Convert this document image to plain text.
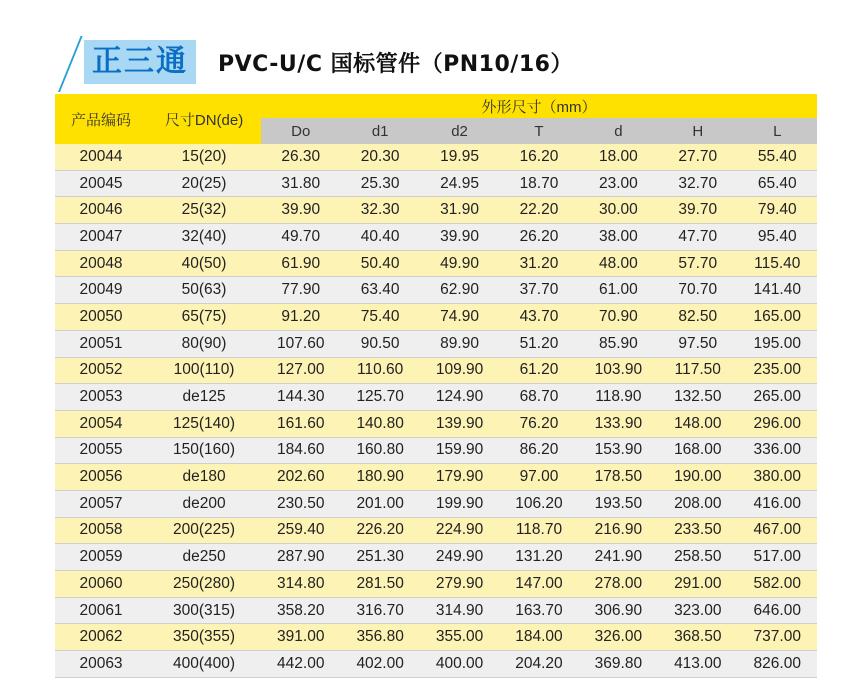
正三通	PVC-U/C 国标管件（PN10/16）
产品编码	尺寸DN(de)	外形尺寸（mm）						
		Do	d1	d2	T	d	H	L
20044	15(20)	26.30	20.30	19.95	16.20	18.00	27.70	55.40
20045	20(25)	31.80	25.30	24.95	18.70	23.00	32.70	65.40
20046	25(32)	39.90	32.30	31.90	22.20	30.00	39.70	79.40
20047	32(40)	49.70	40.40	39.90	26.20	38.00	47.70	95.40
20048	40(50)	61.90	50.40	49.90	31.20	48.00	57.70	115.40
20049	50(63)	77.90	63.40	62.90	37.70	61.00	70.70	141.40
20050	65(75)	91.20	75.40	74.90	43.70	70.90	82.50	165.00
20051	80(90)	107.60	90.50	89.90	51.20	85.90	97.50	195.00
20052	100(110)	127.00	110.60	109.90	61.20	103.90	117.50	235.00
20053	de125	144.30	125.70	124.90	68.70	118.90	132.50	265.00
20054	125(140)	161.60	140.80	139.90	76.20	133.90	148.00	296.00
20055	150(160)	184.60	160.80	159.90	86.20	153.90	168.00	336.00
20056	de180	202.60	180.90	179.90	97.00	178.50	190.00	380.00
20057	de200	230.50	201.00	199.90	106.20	193.50	208.00	416.00
20058	200(225)	259.40	226.20	224.90	118.70	216.90	233.50	467.00
20059	de250	287.90	251.30	249.90	131.20	241.90	258.50	517.00
20060	250(280)	314.80	281.50	279.90	147.00	278.00	291.00	582.00
20061	300(315)	358.20	316.70	314.90	163.70	306.90	323.00	646.00
20062	350(355)	391.00	356.80	355.00	184.00	326.00	368.50	737.00
20063	400(400)	442.00	402.00	400.00	204.20	369.80	413.00	826.00
